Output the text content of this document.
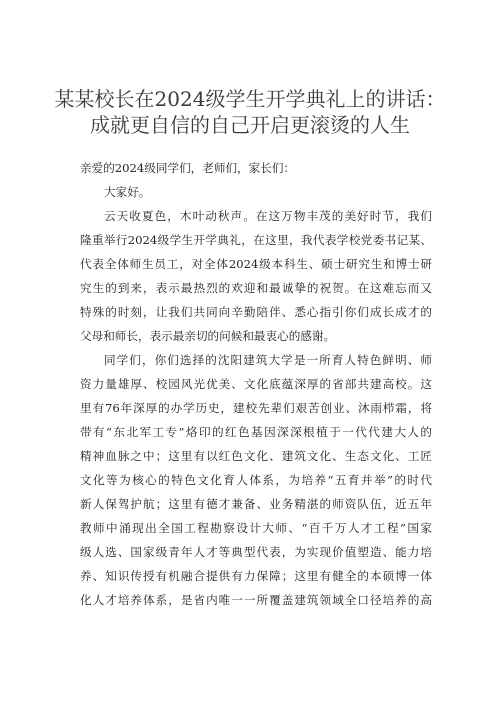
某某校长在2024级学生开学典礼上的讲话：
成就更自信的自己开启更滚烫的人生
亲爱的2024级同学们，老师们，家长们：
大家好。
云天收夏色，木叶动秋声。在这万物丰茂的美好时节，我们
隆重举行2024级学生开学典礼，在这里，我代表学校党委书记某、
代表全体师生员工，对全体2024级本科生、硕士研究生和博士研
究生的到来，表示最热烈的欢迎和最诚挚的祝贺。在这难忘而又
特殊的时刻，让我们共同向辛勤陪伴、悉心指引你们成长成才的
父母和师长，表示最亲切的问候和最衷心的感谢。
同学们，你们选择的沈阳建筑大学是一所育人特色鲜明、师
资力量雄厚、校园风光优美、文化底蕴深厚的省部共建高校。这
里有76年深厚的办学历史，建校先辈们艰苦创业、沐雨栉霜，将
带有“东北军工专”烙印的红色基因深深根植于一代代建大人的
精神血脉之中；这里有以红色文化、建筑文化、生态文化、工匠
文化等为核心的特色文化育人体系，为培养“五育并举”的时代
新人保驾护航；这里有德才兼备、业务精湛的师资队伍，近五年
教师中涌现出全国工程勘察设计大师、“百千万人才工程”国家
级人选、国家级青年人才等典型代表，为实现价值塑造、能力培
养、知识传授有机融合提供有力保障；这里有健全的本硕博一体
化人才培养体系，是省内唯一一所覆盖建筑领域全口径培养的高
